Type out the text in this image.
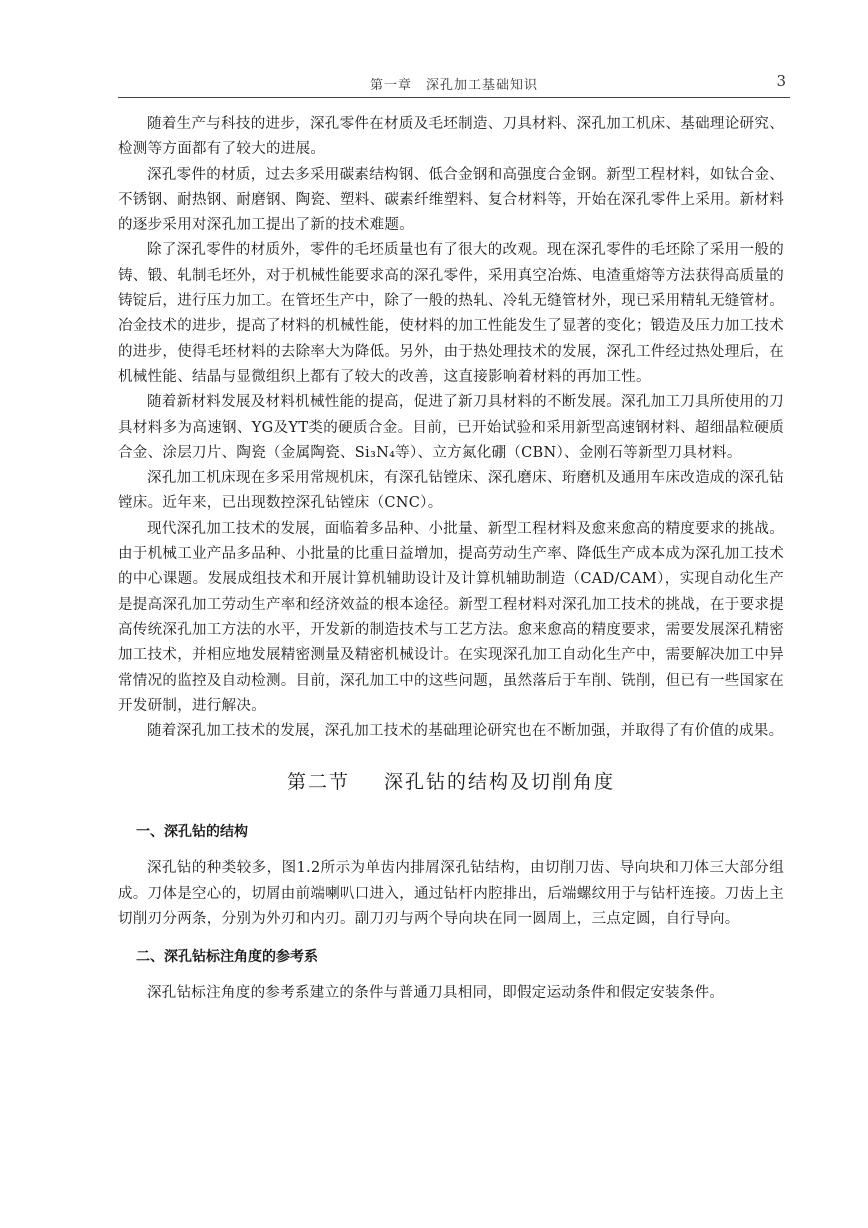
第一章　深孔加工基础知识	3

随着生产与科技的进步，深孔零件在材质及毛坯制造、刀具材料、深孔加工机床、基础理论研究、检测等方面都有了较大的进展。

深孔零件的材质，过去多采用碳素结构钢、低合金钢和高强度合金钢。新型工程材料，如钛合金、不锈钢、耐热钢、耐磨钢、陶瓷、塑料、碳素纤维塑料、复合材料等，开始在深孔零件上采用。新材料的逐步采用对深孔加工提出了新的技术难题。

除了深孔零件的材质外，零件的毛坯质量也有了很大的改观。现在深孔零件的毛坯除了采用一般的铸、锻、轧制毛坯外，对于机械性能要求高的深孔零件，采用真空冶炼、电渣重熔等方法获得高质量的铸锭后，进行压力加工。在管坯生产中，除了一般的热轧、冷轧无缝管材外，现已采用精轧无缝管材。冶金技术的进步，提高了材料的机械性能，使材料的加工性能发生了显著的变化；锻造及压力加工技术的进步，使得毛坯材料的去除率大为降低。另外，由于热处理技术的发展，深孔工件经过热处理后，在机械性能、结晶与显微组织上都有了较大的改善，这直接影响着材料的再加工性。

随着新材料发展及材料机械性能的提高，促进了新刀具材料的不断发展。深孔加工刀具所使用的刀具材料多为高速钢、YG及YT类的硬质合金。目前，已开始试验和采用新型高速钢材料、超细晶粒硬质合金、涂层刀片、陶瓷（金属陶瓷、Si₃N₄等）、立方氮化硼（CBN）、金刚石等新型刀具材料。

深孔加工机床现在多采用常规机床，有深孔钻镗床、深孔磨床、珩磨机及通用车床改造成的深孔钻镗床。近年来，已出现数控深孔钻镗床（CNC）。

现代深孔加工技术的发展，面临着多品种、小批量、新型工程材料及愈来愈高的精度要求的挑战。由于机械工业产品多品种、小批量的比重日益增加，提高劳动生产率、降低生产成本成为深孔加工技术的中心课题。发展成组技术和开展计算机辅助设计及计算机辅助制造（CAD/CAM），实现自动化生产是提高深孔加工劳动生产率和经济效益的根本途径。新型工程材料对深孔加工技术的挑战，在于要求提高传统深孔加工方法的水平，开发新的制造技术与工艺方法。愈来愈高的精度要求，需要发展深孔精密加工技术，并相应地发展精密测量及精密机械设计。在实现深孔加工自动化生产中，需要解决加工中异常情况的监控及自动检测。目前，深孔加工中的这些问题，虽然落后于车削、铣削，但已有一些国家在开发研制，进行解决。

随着深孔加工技术的发展，深孔加工技术的基础理论研究也在不断加强，并取得了有价值的成果。

第二节 深孔钻的结构及切削角度
一、深孔钻的结构

深孔钻的种类较多，图1.2所示为单齿内排屑深孔钻结构，由切削刀齿、导向块和刀体三大部分组成。刀体是空心的，切屑由前端喇叭口进入，通过钻杆内腔排出，后端螺纹用于与钻杆连接。刀齿上主切削刃分两条，分别为外刃和内刃。副刀刃与两个导向块在同一圆周上，三点定圆，自行导向。

二、深孔钻标注角度的参考系

深孔钻标注角度的参考系建立的条件与普通刀具相同，即假定运动条件和假定安装条件。
